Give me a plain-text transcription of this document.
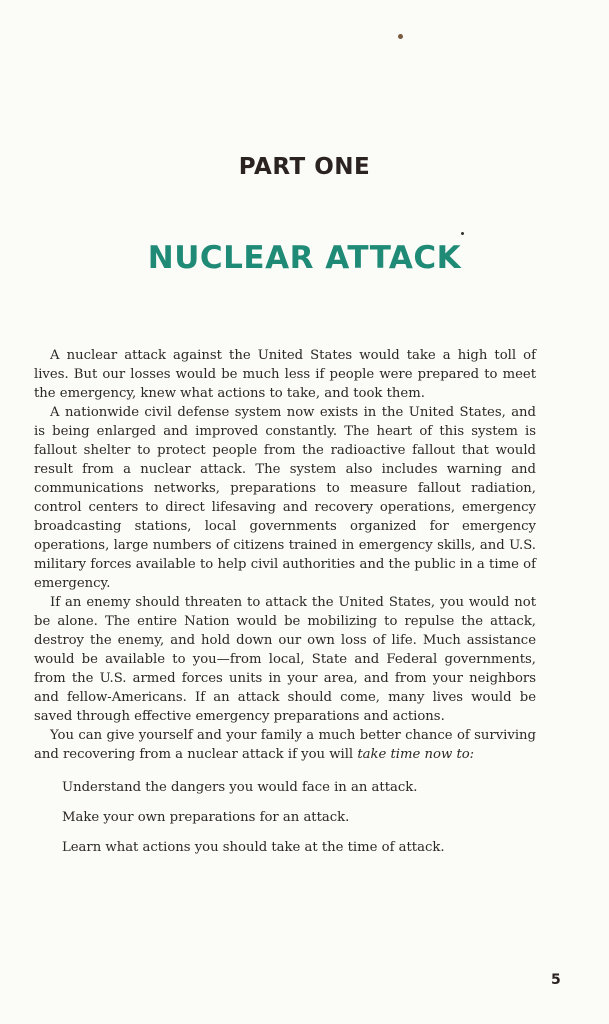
PART ONE
NUCLEAR ATTACK

A nuclear attack against the United States would take a high toll of lives. But our losses would be much less if people were prepared to meet the emergency, knew what actions to take, and took them.

A nationwide civil defense system now exists in the United States, and is being enlarged and improved constantly. The heart of this system is fallout shelter to protect people from the radioactive fallout that would result from a nuclear attack. The system also includes warning and communications networks, preparations to measure fallout radiation, control centers to direct lifesaving and recovery operations, emergency broadcasting stations, local governments organized for emergency operations, large numbers of citizens trained in emergency skills, and U.S. military forces available to help civil authorities and the public in a time of emergency.

If an enemy should threaten to attack the United States, you would not be alone. The entire Nation would be mobilizing to repulse the attack, destroy the enemy, and hold down our own loss of life. Much assistance would be available to you—from local, State and Federal governments, from the U.S. armed forces units in your area, and from your neighbors and fellow-Americans. If an attack should come, many lives would be saved through effective emergency preparations and actions.

You can give yourself and your family a much better chance of surviving and recovering from a nuclear attack if you will take time now to:

Understand the dangers you would face in an attack.
Make your own preparations for an attack.
Learn what actions you should take at the time of attack.
5
